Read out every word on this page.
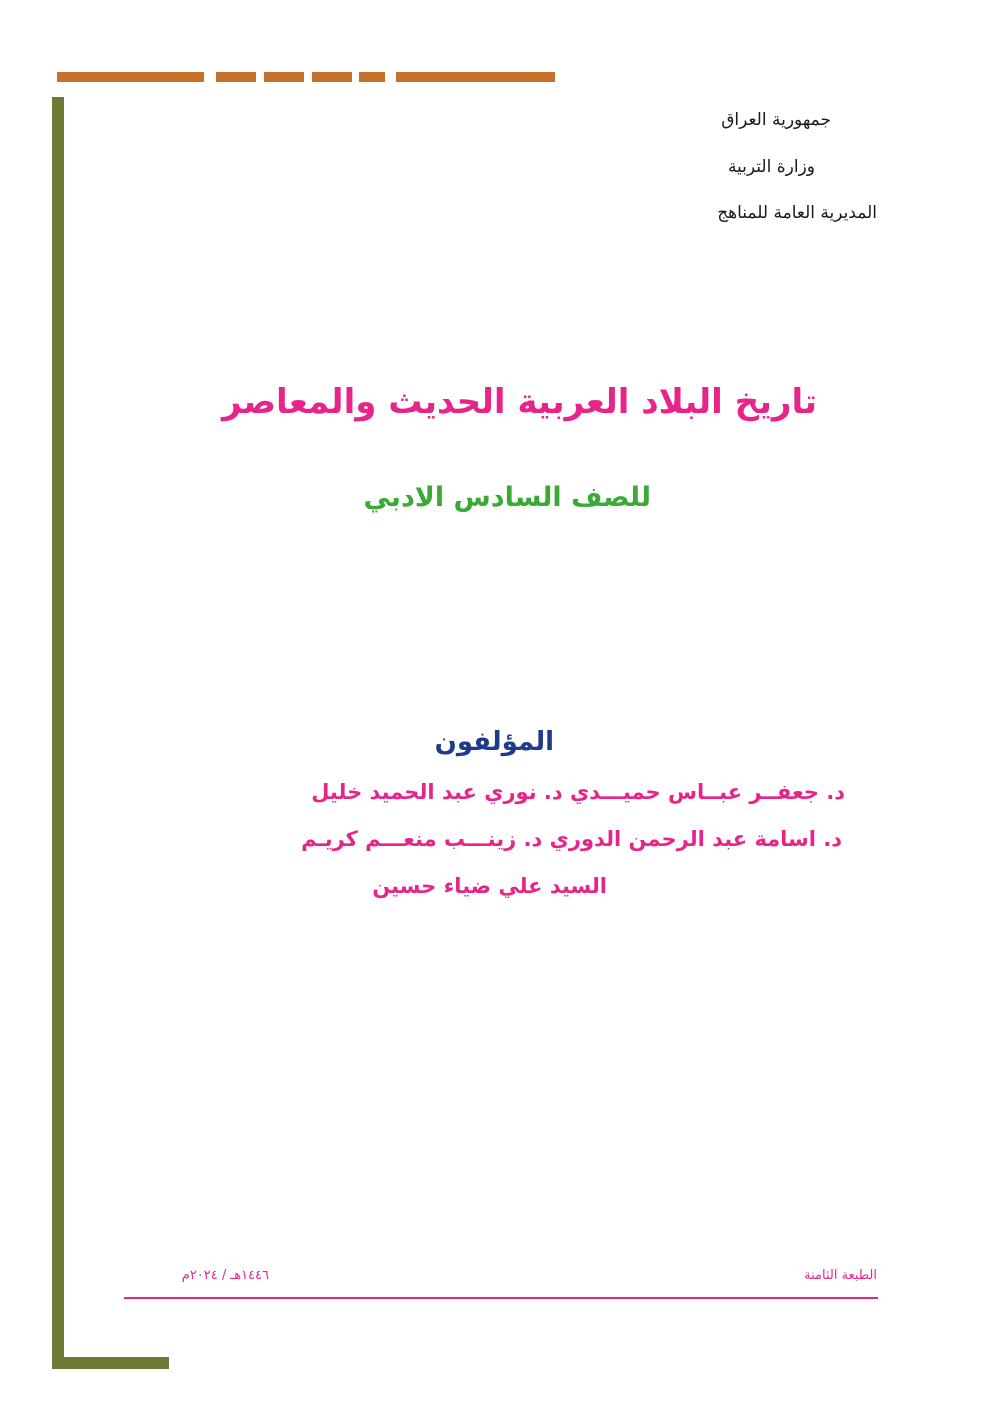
جمهورية العراق
وزارة التربية
المديرية العامة للمناهج
تاريخ البلاد العربية الحديث والمعاصر
للصف السادس الادبي
المؤلفون
د. جعفــر عبــاس حميـــدي د. نوري عبد الحميد خليل
د. اسامة عبد الرحمن الدوري د. زينـــب منعـــم كريـم
السيد علي ضياء حسين
الطبعة الثامنة
١٤٤٦هـ / ٢٠٢٤م
